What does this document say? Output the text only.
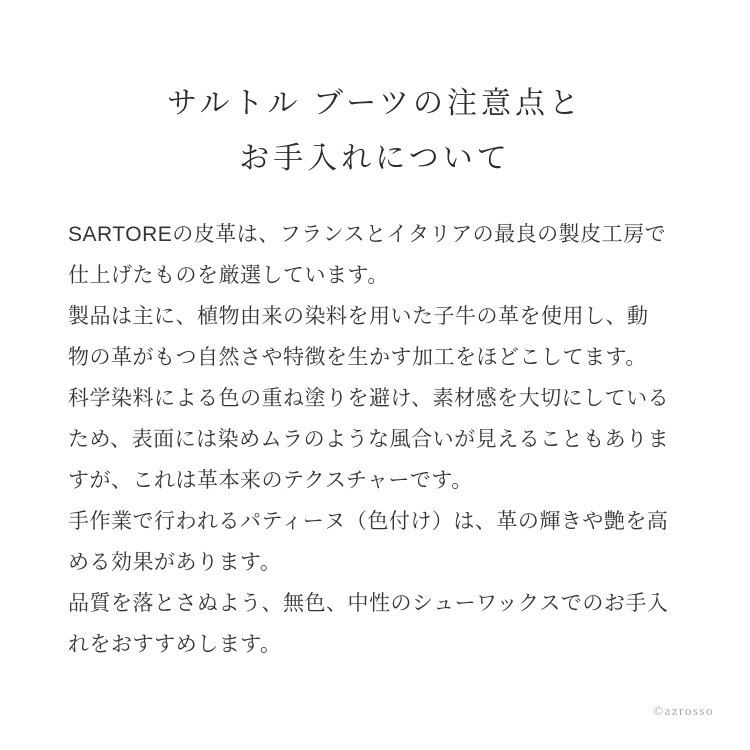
サルトル ブーツの注意点と
お手入れについて
SARTOREの皮革は、フランスとイタリアの最良の製皮工房で
仕上げたものを厳選しています。
製品は主に、植物由来の染料を用いた子牛の革を使用し、動
物の革がもつ自然さや特徴を生かす加工をほどこしてます。
科学染料による色の重ね塗りを避け、素材感を大切にしている
ため、表面には染めムラのような風合いが見えることもありま
すが、これは革本来のテクスチャーです。
手作業で行われるパティーヌ（色付け）は、革の輝きや艶を高
める効果があります。
品質を落とさぬよう、無色、中性のシューワックスでのお手入
れをおすすめします。
©azrosso
